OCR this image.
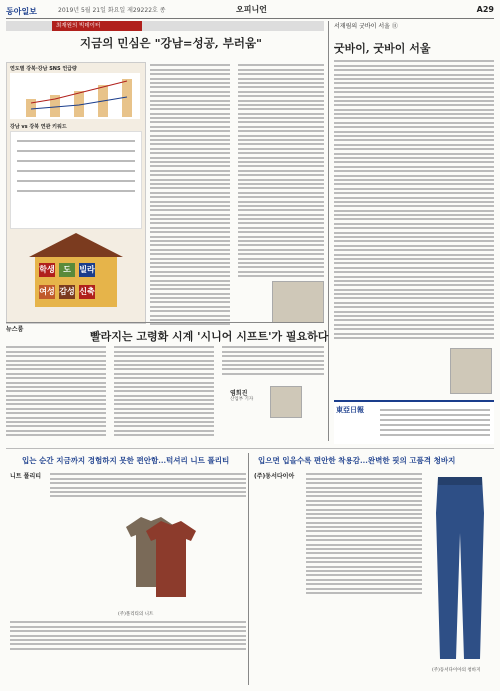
동아일보	2019년 5월 21일 화요일 제29222호 종	오피니언	A29
최재원의 빅데이터
지금의 민심은 "강남=성공, 부러움"
연도별 강북·강남 SNS 언급량
강남 vs 강북 연관 키워드
학생	도	빌라
여성 감성 신축
뉴스룸
빨라지는 고령화 시계 '시니어 시프트'가 필요하다
염희진
산업부 기자
서재림의 굿바이 서울 ⑪
굿바이, 굿바이 서울
東亞日報
입는 순간 지금까지 경험하지 못한 편안함...턱셔리 니트 폴리티	입으면 입을수록 편안한 착용감...완벽한 핏의 고품격 청바지
니트 폴리티
(주)폴리티의 니트
(주)동서다이아
(주)동서다이아의 청바지
